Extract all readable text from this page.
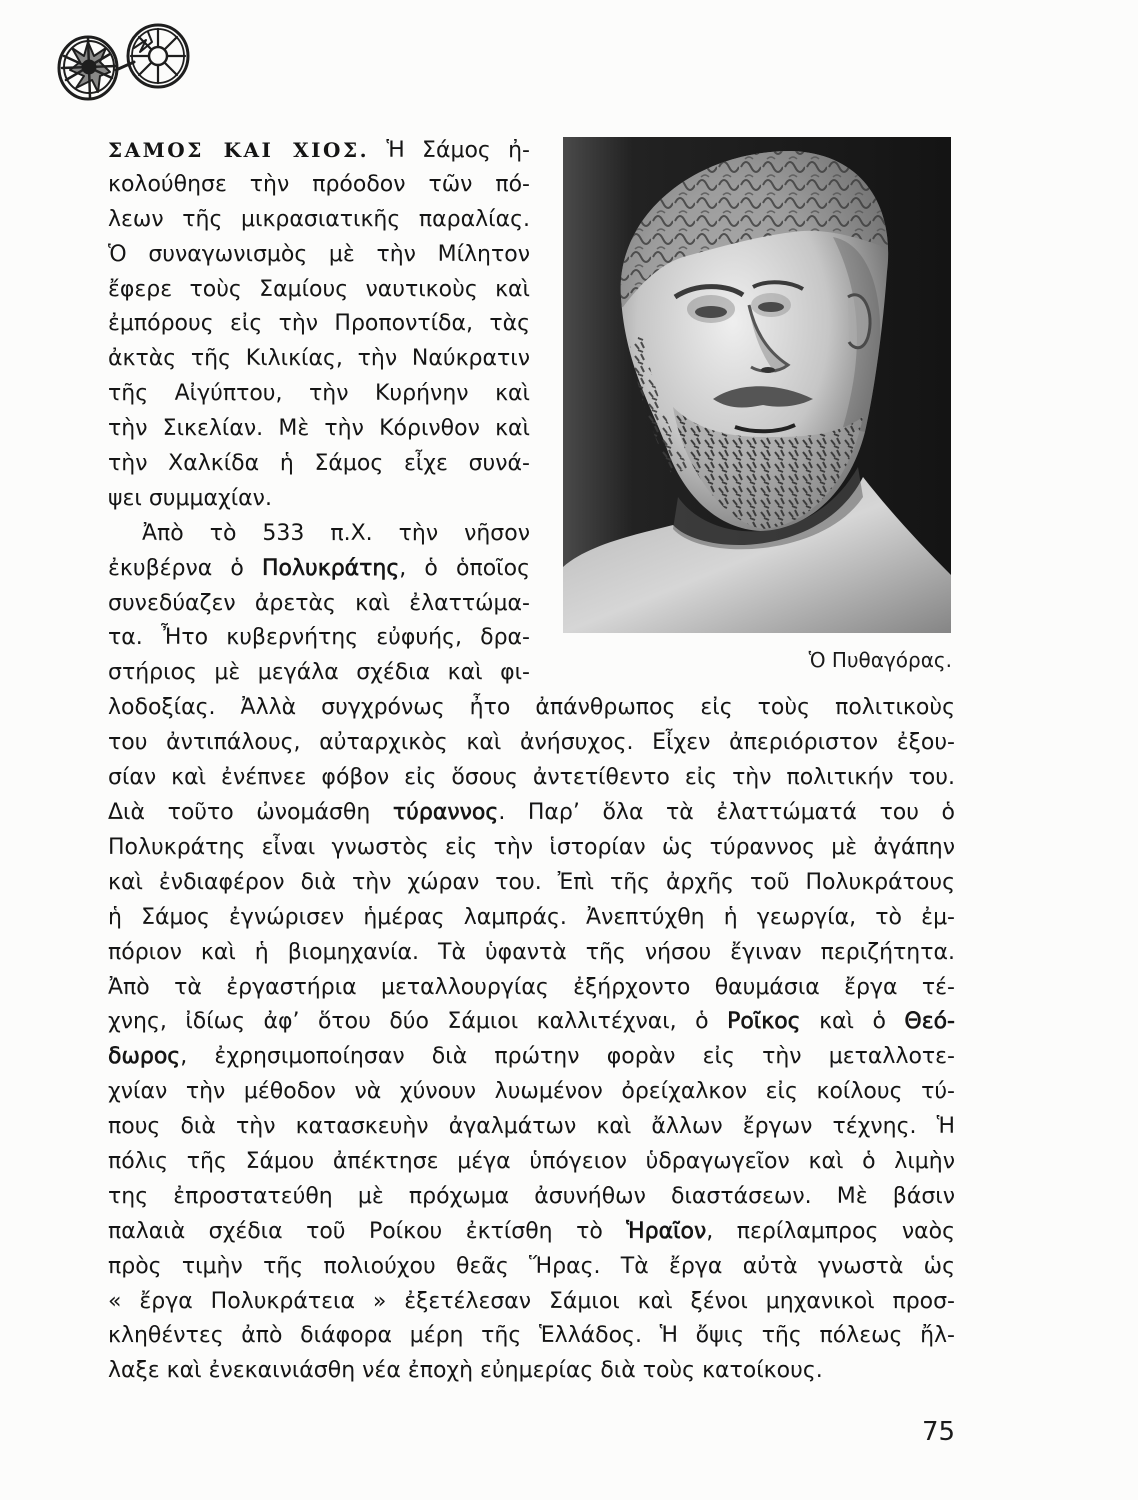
ΣΑΜΟΣ ΚΑΙ ΧΙΟΣ. Ἡ Σάμος ἠ-
κολούθησε τὴν πρόοδον τῶν πό-
λεων τῆς μικρασιατικῆς παραλίας.
Ὁ συναγωνισμὸς μὲ τὴν Μίλητον
ἔφερε τοὺς Σαμίους ναυτικοὺς καὶ
ἐμπόρους εἰς τὴν Προποντίδα, τὰς
ἀκτὰς τῆς Κιλικίας, τὴν Ναύκρατιν
τῆς Αἰγύπτου, τὴν Κυρήνην καὶ
τὴν Σικελίαν. Μὲ τὴν Κόρινθον καὶ
τὴν Χαλκίδα ἡ Σάμος εἶχε συνά-
ψει συμμαχίαν.
Ἀπὸ τὸ 533 π.Χ. τὴν νῆσον
ἐκυβέρνα ὁ Πολυκράτης, ὁ ὁποῖος
συνεδύαζεν ἀρετὰς καὶ ἐλαττώμα-
τα. Ἦτο κυβερνήτης εὐφυής, δρα-
στήριος μὲ μεγάλα σχέδια καὶ φι-
Ὁ Πυθαγόρας.
λοδοξίας. Ἀλλὰ συγχρόνως ἦτο ἀπάνθρωπος εἰς τοὺς πολιτικοὺς
του ἀντιπάλους, αὐταρχικὸς καὶ ἀνήσυχος. Εἶχεν ἀπεριόριστον ἐξου-
σίαν καὶ ἐνέπνεε φόβον εἰς ὅσους ἀντετίθεντο εἰς τὴν πολιτικήν του.
Διὰ τοῦτο ὠνομάσθη τύραννος. Παρ’ ὅλα τὰ ἐλαττώματά του ὁ
Πολυκράτης εἶναι γνωστὸς εἰς τὴν ἱστορίαν ὡς τύραννος μὲ ἀγάπην
καὶ ἐνδιαφέρον διὰ τὴν χώραν του. Ἐπὶ τῆς ἀρχῆς τοῦ Πολυκράτους
ἡ Σάμος ἐγνώρισεν ἡμέρας λαμπράς. Ἀνεπτύχθη ἡ γεωργία, τὸ ἐμ-
πόριον καὶ ἡ βιομηχανία. Τὰ ὑφαντὰ τῆς νήσου ἔγιναν περιζήτητα.
Ἀπὸ τὰ ἐργαστήρια μεταλλουργίας ἐξήρχοντο θαυμάσια ἔργα τέ-
χνης, ἰδίως ἀφ’ ὅτου δύο Σάμιοι καλλιτέχναι, ὁ Ροῖκος καὶ ὁ Θεό-
δωρος, ἐχρησιμοποίησαν διὰ πρώτην φορὰν εἰς τὴν μεταλλοτε-
χνίαν τὴν μέθοδον νὰ χύνουν λυωμένον ὀρείχαλκον εἰς κοίλους τύ-
πους διὰ τὴν κατασκευὴν ἀγαλμάτων καὶ ἄλλων ἔργων τέχνης. Ἡ
πόλις τῆς Σάμου ἀπέκτησε μέγα ὑπόγειον ὑδραγωγεῖον καὶ ὁ λιμὴν
της ἐπροστατεύθη μὲ πρόχωμα ἀσυνήθων διαστάσεων. Μὲ βάσιν
παλαιὰ σχέδια τοῦ Ροίκου ἐκτίσθη τὸ Ἡραῖον, περίλαμπρος ναὸς
πρὸς τιμὴν τῆς πολιούχου θεᾶς Ἥρας. Τὰ ἔργα αὐτὰ γνωστὰ ὡς
« ἔργα Πολυκράτεια » ἐξετέλεσαν Σάμιοι καὶ ξένοι μηχανικοὶ προσ-
κληθέντες ἀπὸ διάφορα μέρη τῆς Ἑλλάδος. Ἡ ὄψις τῆς πόλεως ἤλ-
λαξε καὶ ἐνεκαινιάσθη νέα ἐποχὴ εὐημερίας διὰ τοὺς κατοίκους.
75
